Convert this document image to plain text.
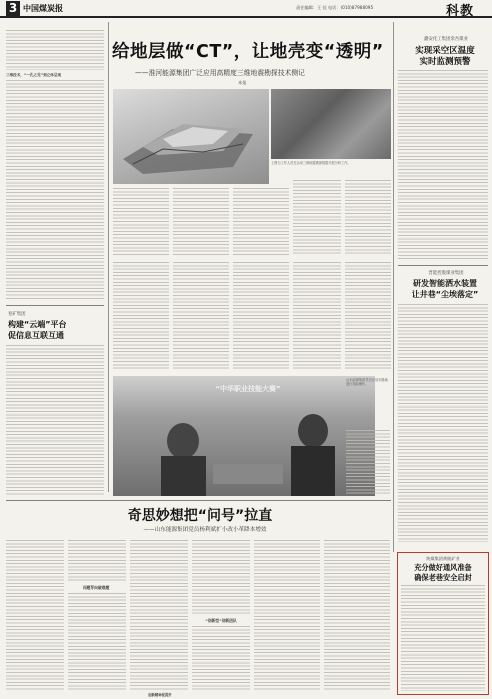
3 中国煤炭报	责任编辑：王 佳 电话：(010)87988095	科教
三维技术，“一孔之见”到立体呈现
给地层做“CT”，让地壳变“透明”
——淮河能源集团广泛应用高精度三维地震勘探技术侧记
本报
上图为工作人员在运用三维地震勘探数据开展分析工作。
潞安化工集团余吾煤业
实现采空区温度
实时监测预警
晋能控股煤业集团
研发智能洒水装置
让井巷“尘埃落定”
兖矿集团
构建“云端”平台
促信息互联互通
“中华职业技能大赛”
山东能源集团党员在培训基地进行技能操作。
奇思妙想把“问号”拉直
——山东能源集团党员杨利斌扩小改小革降本增效
问题导向破难题
“创新型”创新团队
创新精神促提升
陕煤集团黄陵矿业
充分做好通风准备
确保老巷安全启封
